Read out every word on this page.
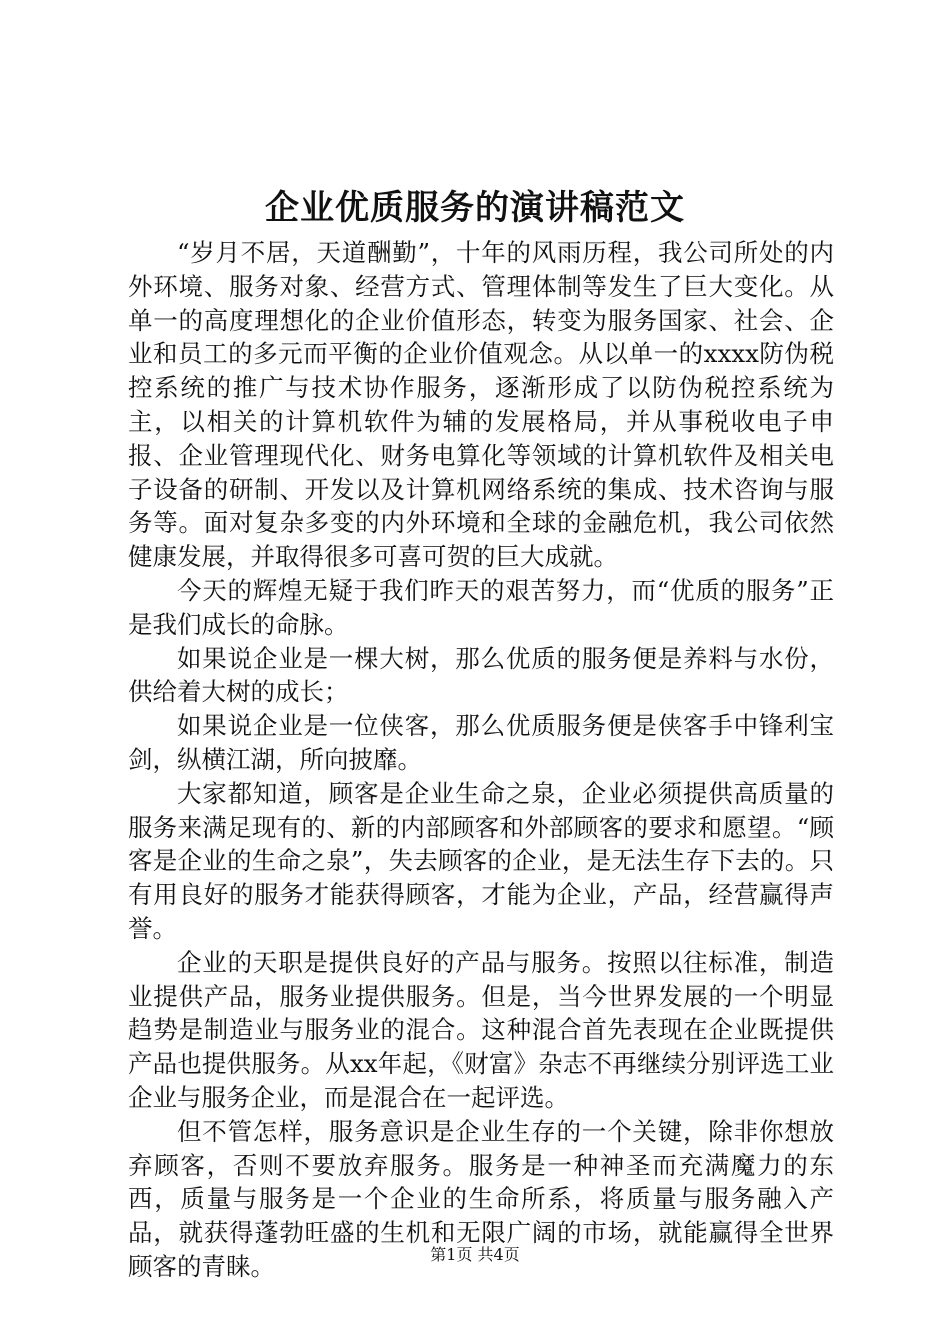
企业优质服务的演讲稿范文

“岁月不居，天道酬勤”，十年的风雨历程，我公司所处的内外环境、服务对象、经营方式、管理体制等发生了巨大变化。从单一的高度理想化的企业价值形态，转变为服务国家、社会、企业和员工的多元而平衡的企业价值观念。从以单一的xxxx防伪税控系统的推广与技术协作服务，逐渐形成了以防伪税控系统为主，以相关的计算机软件为辅的发展格局，并从事税收电子申报、企业管理现代化、财务电算化等领域的计算机软件及相关电子设备的研制、开发以及计算机网络系统的集成、技术咨询与服务等。面对复杂多变的内外环境和全球的金融危机，我公司依然健康发展，并取得很多可喜可贺的巨大成就。

今天的辉煌无疑于我们昨天的艰苦努力，而“优质的服务”正是我们成长的命脉。

如果说企业是一棵大树，那么优质的服务便是养料与水份，供给着大树的成长；

如果说企业是一位侠客，那么优质服务便是侠客手中锋利宝剑，纵横江湖，所向披靡。

大家都知道，顾客是企业生命之泉，企业必须提供高质量的服务来满足现有的、新的内部顾客和外部顾客的要求和愿望。“顾客是企业的生命之泉”，失去顾客的企业，是无法生存下去的。只有用良好的服务才能获得顾客，才能为企业，产品，经营赢得声誉。

企业的天职是提供良好的产品与服务。按照以往标准，制造业提供产品，服务业提供服务。但是，当今世界发展的一个明显趋势是制造业与服务业的混合。这种混合首先表现在企业既提供产品也提供服务。从xx年起，《财富》杂志不再继续分别评选工业企业与服务企业，而是混合在一起评选。

但不管怎样，服务意识是企业生存的一个关键，除非你想放弃顾客，否则不要放弃服务。服务是一种神圣而充满魔力的东西，质量与服务是一个企业的生命所系，将质量与服务融入产品，就获得蓬勃旺盛的生机和无限广阔的市场，就能赢得全世界顾客的青睐。	第1页 共4页
